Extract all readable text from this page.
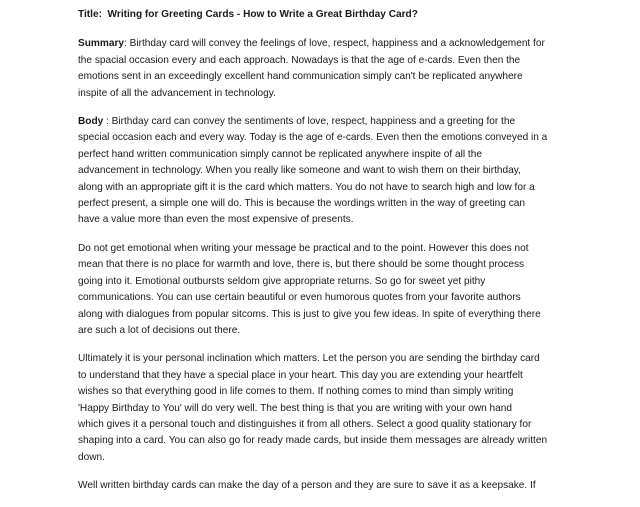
Title: Writing for Greeting Cards - How to Write a Great Birthday Card?
Summary: Birthday card will convey the feelings of love, respect, happiness and a acknowledgement for
the spacial occasion every and each approach. Nowadays is that the age of e-cards. Even then the
emotions sent in an exceedingly excellent hand communication simply can't be replicated anywhere
inspite of all the advancement in technology.
Body : Birthday card can convey the sentiments of love, respect, happiness and a greeting for the
special occasion each and every way. Today is the age of e-cards. Even then the emotions conveyed in a
perfect hand written communication simply cannot be replicated anywhere inspite of all the
advancement in technology. When you really like someone and want to wish them on their birthday,
along with an appropriate gift it is the card which matters. You do not have to search high and low for a
perfect present, a simple one will do. This is because the wordings written in the way of greeting can
have a value more than even the most expensive of presents.
Do not get emotional when writing your message be practical and to the point. However this does not
mean that there is no place for warmth and love, there is, but there should be some thought process
going into it. Emotional outbursts seldom give appropriate returns. So go for sweet yet pithy
communications. You can use certain beautiful or even humorous quotes from your favorite authors
along with dialogues from popular sitcoms. This is just to give you few ideas. In spite of everything there
are such a lot of decisions out there.
Ultimately it is your personal inclination which matters. Let the person you are sending the birthday card
to understand that they have a special place in your heart. This day you are extending your heartfelt
wishes so that everything good in life comes to them. If nothing comes to mind than simply writing
'Happy Birthday to You' will do very well. The best thing is that you are writing with your own hand
which gives it a personal touch and distinguishes it from all others. Select a good quality stationary for
shaping into a card. You can also go for ready made cards, but inside them messages are already written
down.
Well written birthday cards can make the day of a person and they are sure to save it as a keepsake. If
